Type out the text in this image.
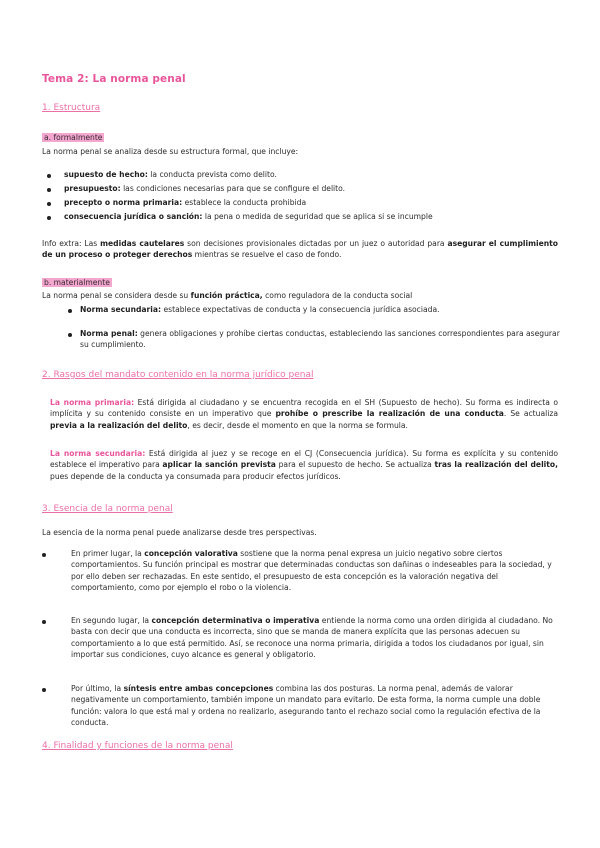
Tema 2: La norma penal
1. Estructura
a. formalmente
La norma penal se analiza desde su estructura formal, que incluye:
supuesto de hecho: la conducta prevista como delito.
presupuesto: las condiciones necesarias para que se configure el delito.
precepto o norma primaria: establece la conducta prohibida
consecuencia jurídica o sanción: la pena o medida de seguridad que se aplica si se incumple
Info extra: Las medidas cautelares son decisiones provisionales dictadas por un juez o autoridad para asegurar el cumplimiento de un proceso o proteger derechos mientras se resuelve el caso de fondo.
b. materialmente
La norma penal se considera desde su función práctica, como reguladora de la conducta social
Norma secundaria: establece expectativas de conducta y la consecuencia jurídica asociada.
Norma penal: genera obligaciones y prohíbe ciertas conductas, estableciendo las sanciones correspondientes para asegurar su cumplimiento.
2. Rasgos del mandato contenido en la norma jurídico penal
La norma primaria: Está dirigida al ciudadano y se encuentra recogida en el SH (Supuesto de hecho). Su forma es indirecta o implícita y su contenido consiste en un imperativo que prohíbe o prescribe la realización de una conducta. Se actualiza previa a la realización del delito, es decir, desde el momento en que la norma se formula.
La norma secundaria: Está dirigida al juez y se recoge en el CJ (Consecuencia jurídica). Su forma es explícita y su contenido establece el imperativo para aplicar la sanción prevista para el supuesto de hecho. Se actualiza tras la realización del delito, pues depende de la conducta ya consumada para producir efectos jurídicos.
3. Esencia de la norma penal
La esencia de la norma penal puede analizarse desde tres perspectivas.
En primer lugar, la concepción valorativa sostiene que la norma penal expresa un juicio negativo sobre ciertos comportamientos. Su función principal es mostrar que determinadas conductas son dañinas o indeseables para la sociedad, y por ello deben ser rechazadas. En este sentido, el presupuesto de esta concepción es la valoración negativa del comportamiento, como por ejemplo el robo o la violencia.
En segundo lugar, la concepción determinativa o imperativa entiende la norma como una orden dirigida al ciudadano. No basta con decir que una conducta es incorrecta, sino que se manda de manera explícita que las personas adecuen su comportamiento a lo que está permitido. Así, se reconoce una norma primaria, dirigida a todos los ciudadanos por igual, sin importar sus condiciones, cuyo alcance es general y obligatorio.
Por último, la síntesis entre ambas concepciones combina las dos posturas. La norma penal, además de valorar negativamente un comportamiento, también impone un mandato para evitarlo. De esta forma, la norma cumple una doble función: valora lo que está mal y ordena no realizarlo, asegurando tanto el rechazo social como la regulación efectiva de la conducta.
4. Finalidad y funciones de la norma penal
